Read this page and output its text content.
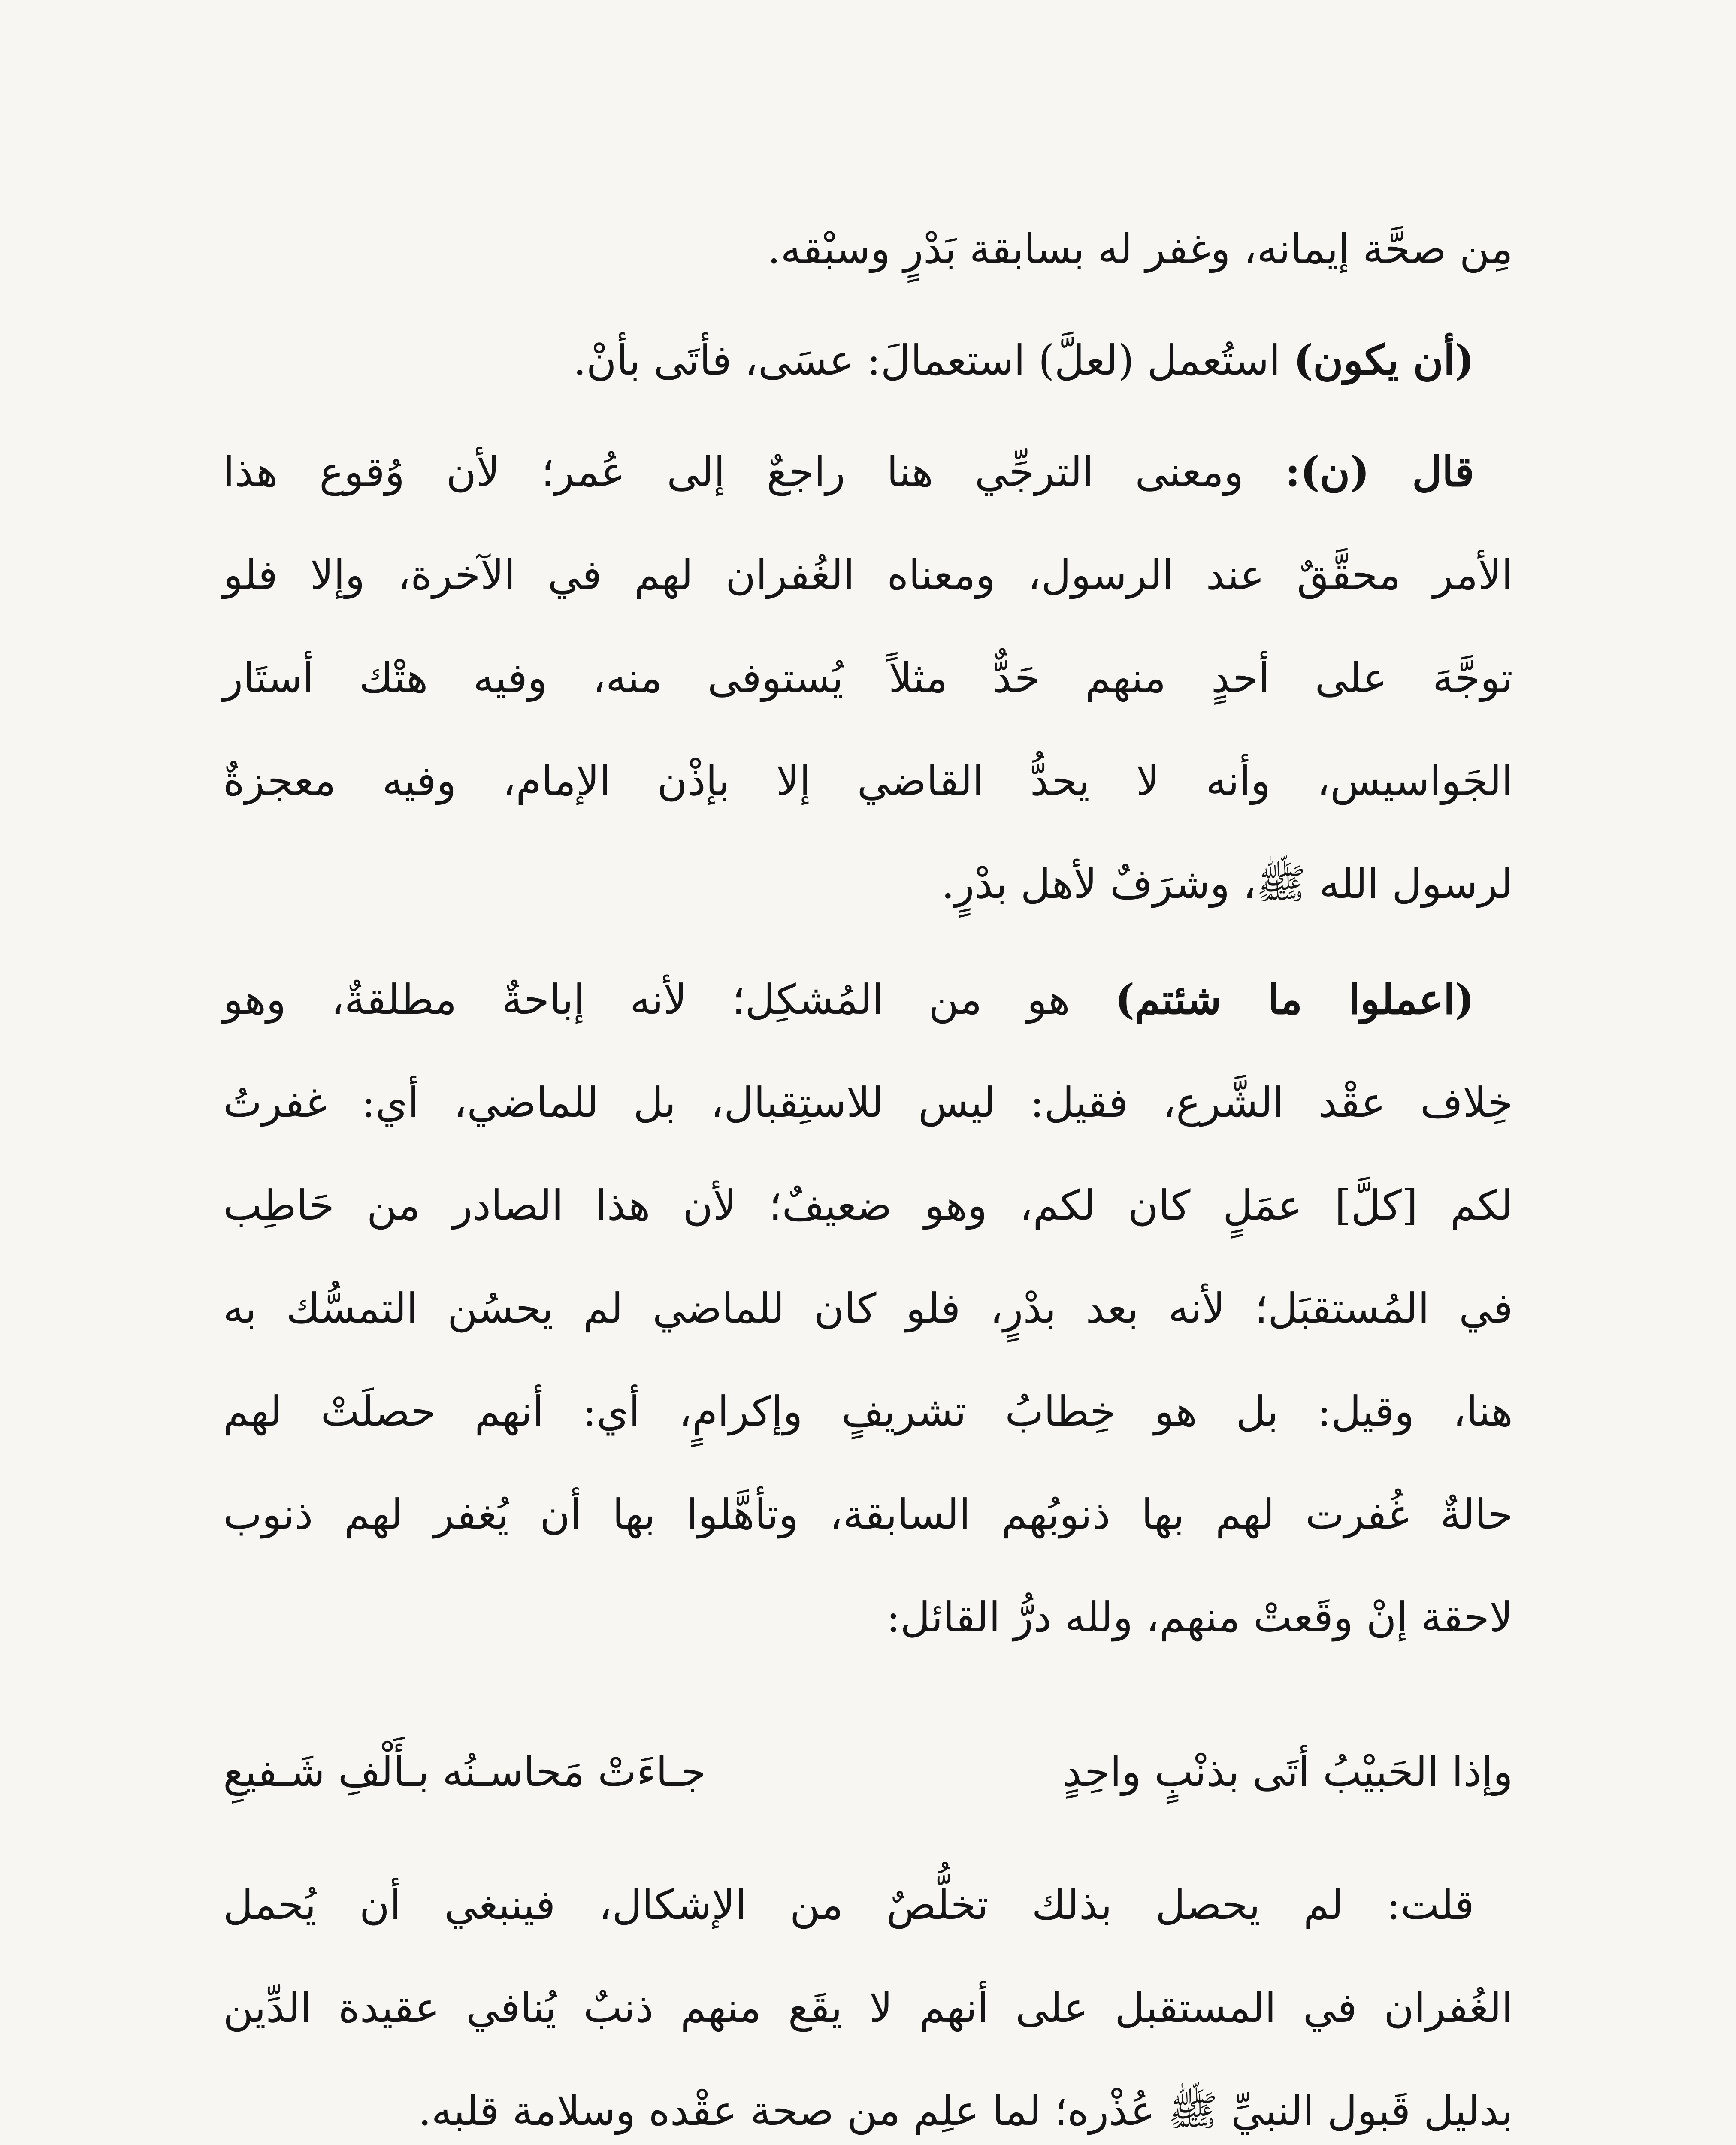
مِن صحَّة إيمانه، وغفر له بسابقة بَدْرٍ وسبْقه.
(أن يكون) استُعمل (لعلَّ) استعمالَ: عسَى، فأتَى بأنْ.
قال (ن): ومعنى الترجِّي هنا راجعٌ إلى عُمر؛ لأن وُقوع هذا
الأمر محقَّقٌ عند الرسول، ومعناه الغُفران لهم في الآخرة، وإلا فلو
توجَّهَ على أحدٍ منهم حَدٌّ مثلاً يُستوفى منه، وفيه هتْك أستَار
الجَواسيس، وأنه لا يحدُّ القاضي إلا بإذْن الإمام، وفيه معجزةٌ
لرسول الله ﷺ، وشرَفٌ لأهل بدْرٍ.
(اعملوا ما شئتم) هو من المُشكِل؛ لأنه إباحةٌ مطلقةٌ، وهو
خِلاف عقْد الشَّرع، فقيل: ليس للاستِقبال، بل للماضي، أي: غفرتُ
لكم [كلَّ] عمَلٍ كان لكم، وهو ضعيفٌ؛ لأن هذا الصادر من حَاطِب
في المُستقبَل؛ لأنه بعد بدْرٍ، فلو كان للماضي لم يحسُن التمسُّك به
هنا، وقيل: بل هو خِطابُ تشريفٍ وإكرامٍ، أي: أنهم حصلَتْ لهم
حالةٌ غُفرت لهم بها ذنوبُهم السابقة، وتأهَّلوا بها أن يُغفر لهم ذنوب
لاحقة إنْ وقَعتْ منهم، ولله درُّ القائل:
وإذا الحَبيْبُ أتَى بذنْبٍ واحِدٍ
جـاءَتْ مَحاسـنُه بـأَلْفِ شَـفيعِ
قلت: لم يحصل بذلك تخلُّصٌ من الإشكال، فينبغي أن يُحمل
الغُفران في المستقبل على أنهم لا يقَع منهم ذنبٌ يُنافي عقيدة الدِّين
بدليل قَبول النبيِّ ﷺ عُذْره؛ لما علِم من صحة عقْده وسلامة قلبه.
